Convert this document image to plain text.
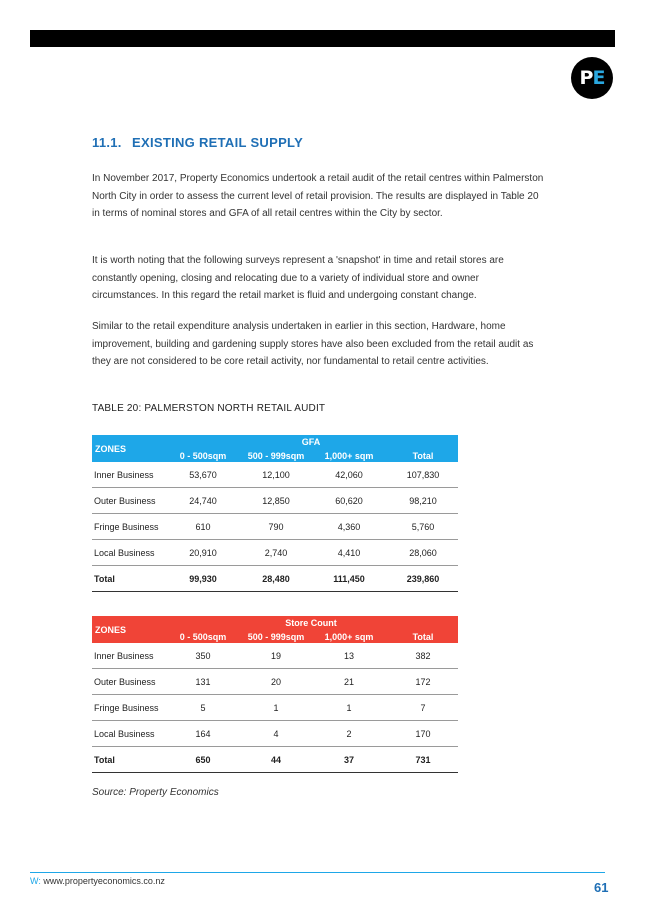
P E
11.1. EXISTING RETAIL SUPPLY

In November 2017, Property Economics undertook a retail audit of the retail centres within Palmerston North City in order to assess the current level of retail provision. The results are displayed in Table 20 in terms of nominal stores and GFA of all retail centres within the City by sector.

It is worth noting that the following surveys represent a 'snapshot' in time and retail stores are constantly opening, closing and relocating due to a variety of individual store and owner circumstances. In this regard the retail market is fluid and undergoing constant change.

Similar to the retail expenditure analysis undertaken in earlier in this section, Hardware, home improvement, building and gardening supply stores have also been excluded from the retail audit as they are not considered to be core retail activity, nor fundamental to retail centre activities.

TABLE 20: PALMERSTON NORTH RETAIL AUDIT
ZONES	GFA			
	0 - 500sqm	500 - 999sqm	1,000+ sqm	Total
Inner Business	53,670	12,100	42,060	107,830
Outer Business	24,740	12,850	60,620	98,210
Fringe Business	610	790	4,360	5,760
Local Business	20,910	2,740	4,410	28,060
Total	99,930	28,480	111,450	239,860
ZONES	Store Count			
	0 - 500sqm	500 - 999sqm	1,000+ sqm	Total
Inner Business	350	19	13	382
Outer Business	131	20	21	172
Fringe Business	5	1	1	7
Local Business	164	4	2	170
Total	650	44	37	731
Source: Property Economics
W: www.propertyeconomics.co.nz	61
